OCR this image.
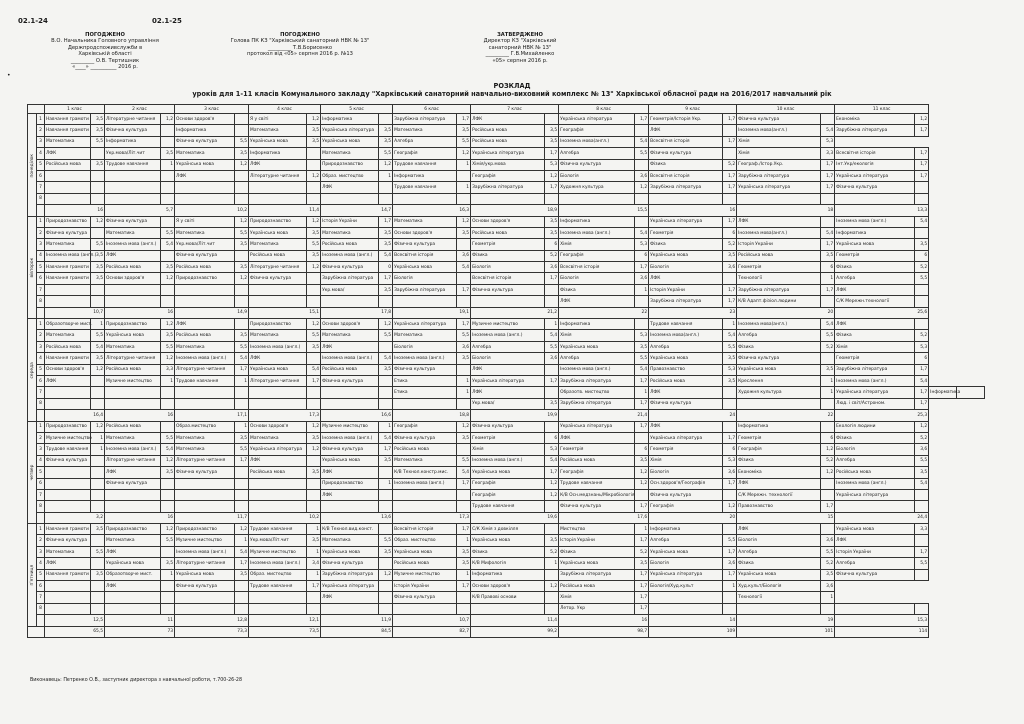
02.1-24	02.1-25
•
ПОГОДЖЕНО
В.О. Начальника Головного управління
Держпродспоживслужби в
Харківській області
_________ О.В. Тертишник
«____» __________ 2016 р.
ПОГОДЖЕНО
Голова ПК КЗ "Харківський санаторний НВК № 13"
_________ Т.В.Борисенко
протокол від «05» серпня 2016 р. №13
ЗАТВЕРДЖЕНО
Директор КЗ "Харківський
санаторний НВК № 13"
_________ Г.В.Михайленко
«05» серпня 2016 р.
РОЗКЛАД
уроків для 1-11 класів Комунального закладу "Харківський санаторний навчально-виховний комплекс № 13" Харківської обласної ради на 2016/2017 навчальний рік
		1 клас		2 клас		3 клас		4 клас		5 клас		6 клас		7 клас		8 клас		9 клас		10 клас		11 клас			
понеділок	1	Навчання грамоти	3,5	Літературне читання	1,2	Основи здоров'я		Я у світі	1,2	Інформатика		Зарубіжна література	1,7	ЛФК		Українська література	1,7	Геометрія/Історія Укр.	1,7	Фізична культура		Економіка	1,2		
	2	Навчання грамоти	3,5	Фізична культура		Інформатика		Математика	3,5	Українська література	3,5	Математика	3,5	Російська мова	3,5	Географія		ЛФК		Іноземна мова(англ.)	5,4	Зарубіжна література	1,7		
	3	Математика	5,5	Інформатика		Фізична культура	5,5	Українська мова	3,5	Українська мова	3,5	Алгебра	5,5	Російська мова	3,5	Іноземна мова(англ.)	5,4	Всесвітня історія	1,7	Хімія	5,3				
	4	ЛФК		Укр.мова/Літ.чит	3,5	Математика	3,5	Інформатика		Математика	5,5	Географія	1,2	Українська література	1,7	Алгебра	5,5	Фізична культура		Хімія	3,3	Всесвітня історія	1,7		
	5	Російська мова	3,5	Трудове навчання	1	Українська мова	1,2	ЛФК		Природознавство	1,2	Трудове навчання	1	Хімія/укр.мова	5,3	Фізична культура		Фізика	5,2	Географ./Істор.Укр.	1,7	Інт.Укр/екологія	1,7		
	6					ЛФК		Літературне читання	1,2	Образ. мистецтво	1	Інформатика		Географія	1,2	Біологія	3,6	Всесвітня історія	1,7	Зарубіжна література	1,7	Українська література	1,7		
	7									ЛФК		Трудове навчання	1	Зарубіжна література	1,7	Художня культура	1,2	Зарубіжна література	1,7	Українська література	1,7	Фізична культура			
	8																								
		16		5,7		10,2		11,4		14,7		16,3		18,9		15,5		16		18		13,3			
вівторок	1	Природознавство	1,2	Фізична культура		Я у світі	1,2	Природознавство	1,2	Історія України	1,7	Математика	1,2	Основи здоров'я	3,5	Інформатика		Українська література	1,7	ЛФК		Іноземна мова (англ.)	5,4		
	2	Фізична культура		Математика	5,5	Математика	5,5	Українська мова	3,5	Математика	3,5	Основи здоров'я	3,5	Російська мова	3,5	Іноземна мова (англ.)	5,4	Геометрія	6	Іноземна мова(англ.)	5,4	Інформатика			
	3	Математика	5,5	Іноземна мова (англ.)	5,4	Укр.мова/Літ.чит	3,5	Математика	5,5	Російська мова	3,5	Фізична культура		Геометрія	6	Хімія	5,3	Фізика	5,2	Історія України	1,7	Українська мова	3,5		
	4	Іноземна мова (англ.)	3,5	ЛФК		Фізична культура		Російська мова	3,5	Іноземна мова (англ.)	5,4	Всесвітня історія	3,6	Фізика	5,2	Географія	6	Українська мова	3,5	Російська мова	3,5	Геометрія	6		
	5	Навчання грамоти	3,5	Російська мова	3,5	Російська мова	3,5	Літературне читання	1,2	Фізична культура	0	Українська мова	5,4	Біологія	3,6	Всесвітня історія	1,7	Біологія	3,6	Геометрія	6	Фізика	5,2		
	6	Навчання грамоти	3,5	Основи здоров'я	1,2	Природознавство	1,2	Фізична культура		Зарубіжна література	1,7	Біологія		Всесвітня історія	1,7	Біологія	3,6	ЛФК		Технології	1	Алгебра	5,5		
	7									Укр.мова/	3,5	Зарубіжна література	1,7	Фізична культура		Фізика	1	Історія України	1,7	Зарубіжна література	1,7	ЛФК			
	8															ЛФК		Зарубіжна література	1,7	К/В Адапт.фізіол.людини		С/К Мережн.технології			
		10,7		16		14,9		15,1		17,8		19,1		21,2		22		23		20		25,6			
середа	1	Образотворче мист.	1	Природознавство	1,2	ЛФК		Природознавство	1,2	Основи здоров'я	1,2	Українська література	1,7	Музичне мистецтво	1	Інформатика		Трудове навчання	1	Іноземна мова(англ.)	5,4	ЛФК			
	2	Математика	5,5	Українська мова	3,5	Російська мова	3,5	Математика	5,5	Математика	5,5	Математика	5,5	Іноземна мова (англ.)	5,4	Хімія	5,3	Іноземна мова(англ.)	5,4	Алгебра	5,5	Фізика	5,2		
	3	Російська мова	5,4	Математика	5,5	Математика	5,5	Іноземна мова (англ.)	3,5	ЛФК		Біологія	3,6	Алгебра	5,5	Українська мова	3,5	Алгебра	5,5	Фізика	5,2	Хімія	5,3		
	4	Навчання грамоти	3,5	Літературне читання	1,2	Іноземна мова (англ.)	5,4	ЛФК		Іноземна мова (англ.)	5,4	Іноземна мова (англ.)	3,5	Біологія	3,6	Алгебра	5,5	Українська мова	3,5	Фізична культура		Геометрія	6		
	5	Основи здоров'я	1,2	Російська мова	3,3	Літературне читання	1,7	Українська мова	5,4	Російська мова	3,5	Фізична культура		ЛФК		Іноземна мова (англ.)	5,4	Правознавство	5,3	Українська мова	3,5	Зарубіжна література	1,7		
	6	ЛФК		Музичне мистецтво	1	Трудове навчання	1	Літературне читання	1,7	Фізична культура		Етика	1	Українська література	1,7	Зарубіжна література	1,7	Російська мова	3,5	Креслення	1	Іноземна мова (англ.)	5,4		
	7											Етика	1	ЛФК		Образотв. мистецтво	1	ЛФК		Художня культура	1	Українська література	1,7	Інформатика	
	8													Укр.мова/	3,5	Зарубіжна література	1,7	Фізична культура				Люд. і світ/Астроном.	1,7		
		16,4		16		17,1		17,3		16,6		18,8		19,9		21,4		24		22		25,3			
четвер	1	Природознавство	1,2	Російська мова		Образ.мистецтво	1	Основи здоров'я	1,2	Музичне мистецтво	1	Географія	1,2	Фізична культура		Українська література	1,7	ЛФК		Інформатика		Екологія людини	1,2		
	2	Музичне мистецтво	1	Математика	5,5	Математика	3,5	Математика	3,5	Іноземна мова (англ.)	5,4	Фізична культура	3,5	Геометрія	6	ЛФК		Українська література	1,7	Геометрія	6	Фізика	5,2		
	3	Трудове навчання	1	Іноземна мова (англ.)	5,4	Математика	5,5	Українська література	1,2	Фізична культура	1,7	Російська мова		Хімія	5,3	Геометрія	6	Геометрія	6	Географія	1,2	Біологія	3,6		
	4	Фізична культура		Літературне читання	1,2	Літературне читання	1,7	ЛФК		Українська мова	3,5	Математика	5,5	Іноземна мова (англ.)	5,4	Російська мова	3,5	Хімія	5,3	Фізика	5,2	Алгебра	5,5		
	5			ЛФК	3,5	Фізична культура		Російська мова	3,5	ЛФК		К/В Технол.констр.мис.	5,4	Українська мова	1,7	Географія	1,2	Біологія	3,6	Економіка	1,2	Російська мова	3,5		
	6			Фізична культура						Природознавство	1	Іноземна мова (англ.)	1,7	Географія	1,2	Трудове навчання	1,2	Осн.здоров'я/Географія	1,7	ЛФК		Іноземна мова (англ.)	5,4		
	7									ЛФК				Географія	1,2	К/В Осн.медзнань/Мікробіологія		Фізична культура		С/К Мережн. технології		Українська література			
	8													Трудове навчання		Фізична культура	1,7	Географія	1,2	Правознавство	1,7				
		3,2		16		11,7		10,2		13,6		17,3		19,6		17,6		20		15		24,4			
п'ятниця	1	Навчання грамоти	3,5	Природознавство	1,2	Природознавство	1,2	Трудове навчання	1	К/В Технол.вид.конст.		Всесвітня історія	1,7	С/К Хімія з довкілля		Мистецтво	1	Інформатика		ЛФК		Українська мова	3,3		
	2	Фізична культура		Математика	5,5	Музичне мистецтво	1	Укр.мова/Літ.чит	3,5	Математика	5,5	Образ. мистецтво	1	Українська мова	3,5	Історія України	1,7	Алгебра	5,5	Біологія	3,6	ЛФК			
	3	Математика	5,5	ЛФК		Іноземна мова (англ.)	5,4	Музичне мистецтво	1	Українська мова	3,5	Українська мова	3,5	Фізика	5,2	Фізика	5,2	Українська мова	1,7	Алгебра	5,5	Історія України	1,7		
	4	ЛФК		Українська мова	3,5	Літературне читання	1,7	Іноземна мова (англ.)	3,4	Фізична культура		Російська мова	3,5	К/В Мифологія	1	Українська мова	3,5	Біологія	3,6	Фізика	5,2	Алгебра	5,5		
	5	Навчання грамоти	3,5	Образотворче мист.	1	Українська мова	3,5	Образ. мистецтво	1	Зарубіжна література	1,2	Музичне мистецтво	1	Інформатика		Зарубіжна література	1,7	Українська література	1,7	Українська мова	3,5	Фізична культура			
	6			ЛФК		Фізична культура		Трудове навчання	1,7	Українська література		Історія України	1,7	Основи здоров'я	1,2	Російська мова	1,7	Біологія/Худ.культ	1	Худ.культ/Біологія	3,6				
	7									ЛФК		Фізична культура		К/В Правові основи		Хімія	1,7			Технології	1				
	8															Летор. Укр	1,7								
		12,5		11		12,8		12,1		11,9		10,7		11,4		16		14		19		15,3			
		65,5		73		73,3		73,5		84,5		82,7		99,2		98,7		109		101		114			
Виконавець: Петренко О.В., заступник директора з навчальної роботи, т.700-26-28
